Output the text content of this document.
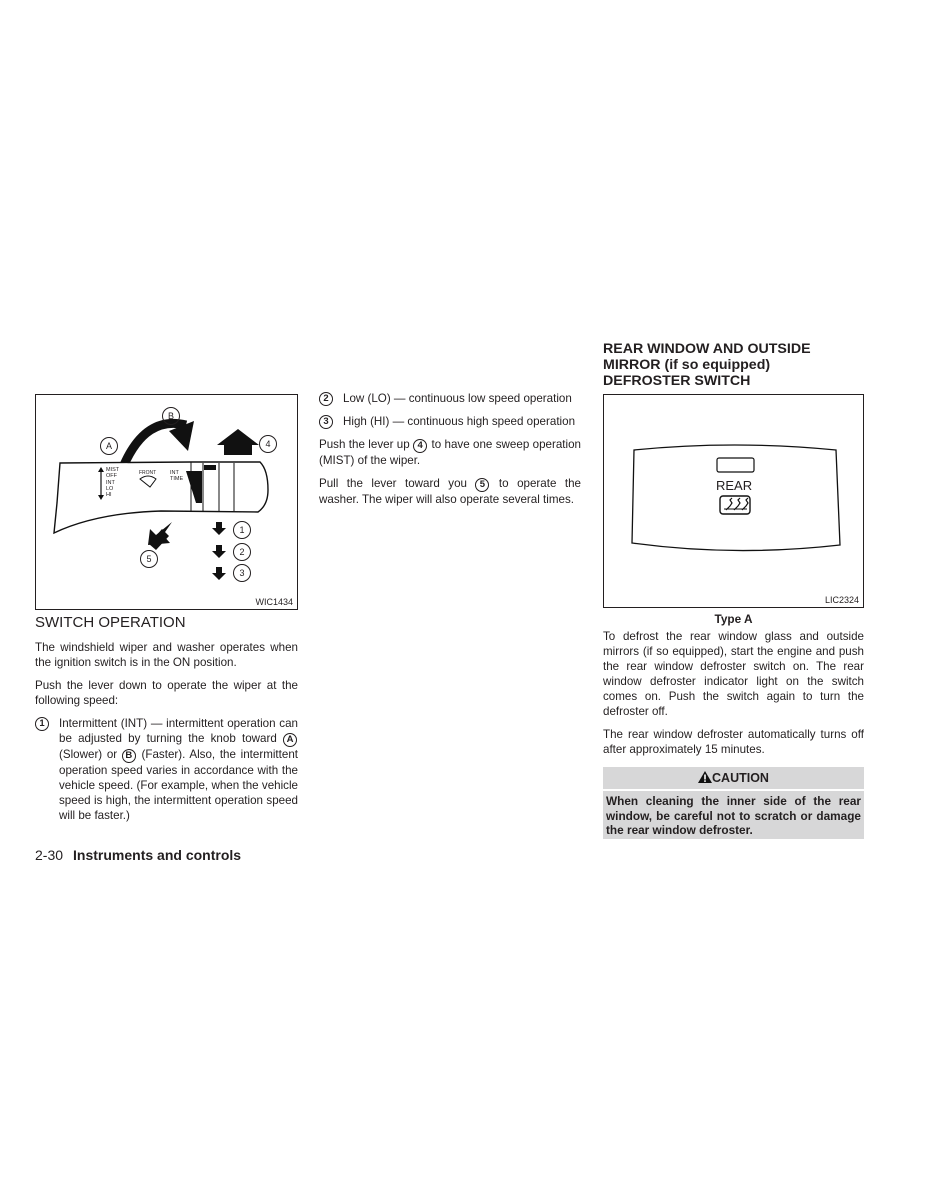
MIST
OFF
INT
LO
HI
FRONT	INT
TIME
A
B
4
5
1
2
3
WIC1434
SWITCH OPERATION

The windshield wiper and washer operates when the ignition switch is in the ON position.

Push the lever down to operate the wiper at the following speed:

1	Intermittent (INT) — intermittent operation can be adjusted by turning the knob toward A (Slower) or B (Faster). Also, the intermittent operation speed varies in accordance with the vehicle speed. (For example, when the vehicle speed is high, the intermittent operation speed will be faster.)
2	Low (LO) — continuous low speed operation
3	High (HI) — continuous high speed operation

Push the lever up 4 to have one sweep operation (MIST) of the wiper.

Pull the lever toward you 5 to operate the washer. The wiper will also operate several times.

REAR WINDOW AND OUTSIDE
MIRROR (if so equipped)
DEFROSTER SWITCH
REAR
LIC2324
Type A

To defrost the rear window glass and outside mirrors (if so equipped), start the engine and push the rear window defroster switch on. The rear window defroster indicator light on the switch comes on. Push the switch again to turn the defroster off.

The rear window defroster automatically turns off after approximately 15 minutes.

CAUTION
When cleaning the inner side of the rear window, be careful not to scratch or damage the rear window defroster.
2-30 Instruments and controls
